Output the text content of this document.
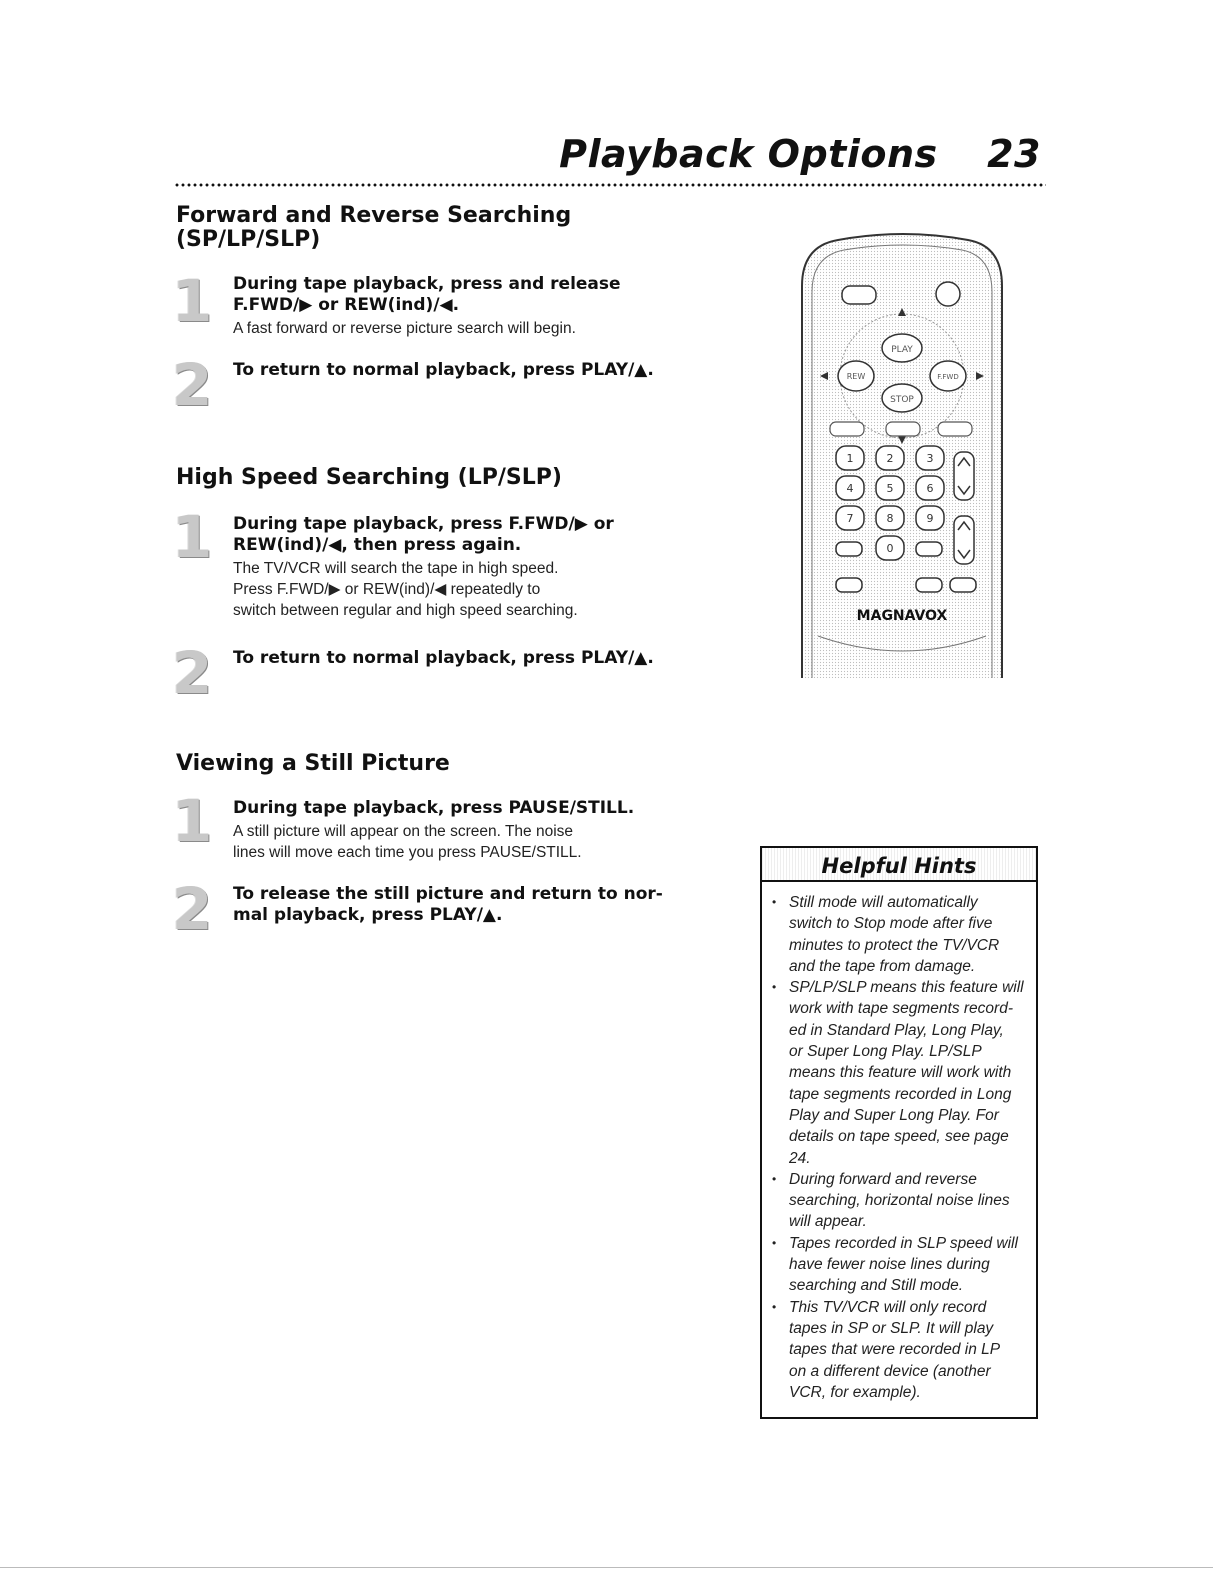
Playback Options 23
Forward and Reverse Searching
(SP/LP/SLP)
1 During tape playback, press and release
F.FWD/▶ or REW(ind)/◀.
A fast forward or reverse picture search will begin.
2 To return to normal playback, press PLAY/▲.
High Speed Searching (LP/SLP)
1 During tape playback, press F.FWD/▶ or
REW(ind)/◀, then press again.
The TV/VCR will search the tape in high speed.
Press F.FWD/▶ or REW(ind)/◀ repeatedly to
switch between regular and high speed searching.
2 To return to normal playback, press PLAY/▲.
Viewing a Still Picture
1 During tape playback, press PAUSE/STILL.
A still picture will appear on the screen. The noise
lines will move each time you press PAUSE/STILL.
2 To release the still picture and return to nor-
mal playback, press PLAY/▲.
PLAY
STOP
REW	F.FWD
1	2	3
4	5	6
7	8	9
0
MAGNAVOX
Helpful Hints
• Still mode will automatically
switch to Stop mode after five
minutes to protect the TV/VCR
and the tape from damage.
• SP/LP/SLP means this feature will
work with tape segments record-
ed in Standard Play, Long Play,
or Super Long Play. LP/SLP
means this feature will work with
tape segments recorded in Long
Play and Super Long Play. For
details on tape speed, see page
24.
• During forward and reverse
searching, horizontal noise lines
will appear.
• Tapes recorded in SLP speed will
have fewer noise lines during
searching and Still mode.
• This TV/VCR will only record
tapes in SP or SLP. It will play
tapes that were recorded in LP
on a different device (another
VCR, for example).
